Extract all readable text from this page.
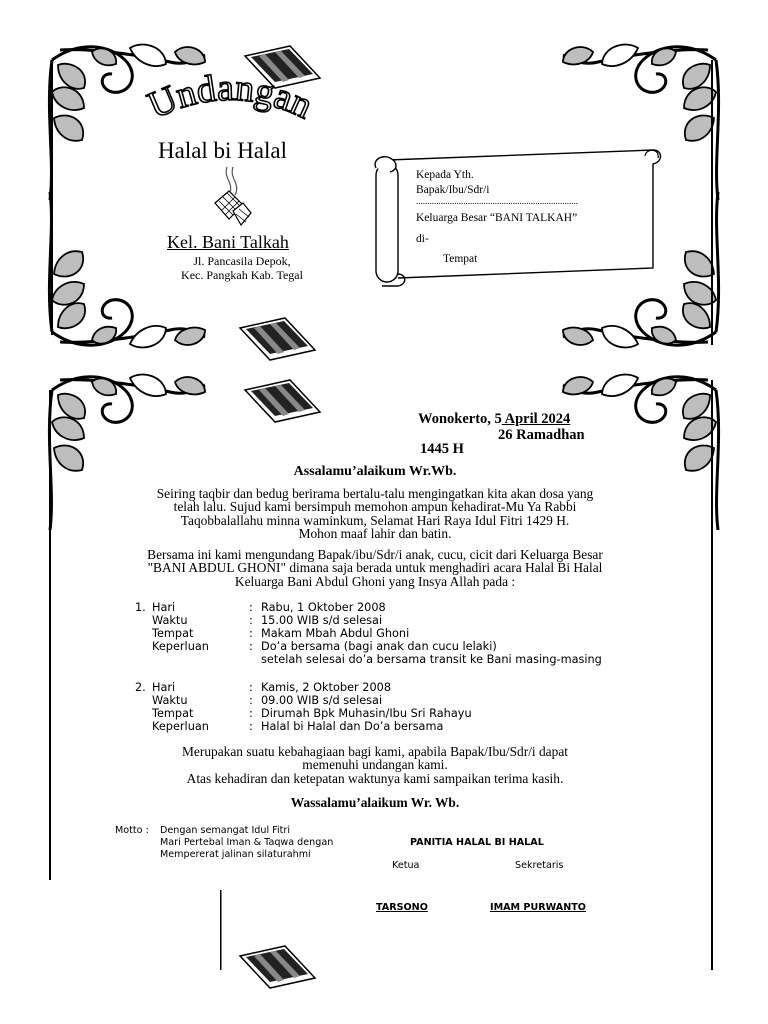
Undangan
Halal bi Halal
Kel. Bani Talkah
Jl. Pancasila Depok,
Kec. Pangkah Kab. Tegal
Kepada Yth.
Bapak/Ibu/Sdr/i
........................................................................
Keluarga Besar “BANI TALKAH”
di-
Tempat
Wonokerto, 5 April 2024
26 Ramadhan
1445 H
Assalamu’alaikum Wr.Wb.
Seiring taqbir dan bedug berirama bertalu-talu mengingatkan kita akan dosa yang
telah lalu. Sujud kami bersimpuh memohon ampun kehadirat-Mu Ya Rabbi
Taqobbalallahu minna waminkum, Selamat Hari Raya Idul Fitri 1429 H.
Mohon maaf lahir dan batin.
Bersama ini kami mengundang Bapak/ibu/Sdr/i anak, cucu, cicit dari Keluarga Besar
"BANI ABDUL GHONI" dimana saja berada untuk menghadiri acara Halal Bi Halal
Keluarga Bani Abdul Ghoni yang Insya Allah pada :
1. Hari
Waktu
Tempat
Keperluan
:
:
:
:
Rabu, 1 Oktober 2008
15.00 WIB s/d selesai
Makam Mbah Abdul Ghoni
Do’a bersama (bagi anak dan cucu lelaki)
setelah selesai do’a bersama transit ke Bani masing-masing
2. Hari
Waktu
Tempat
Keperluan
:
:
:
:
Kamis, 2 Oktober 2008
09.00 WIB s/d selesai
Dirumah Bpk Muhasin/Ibu Sri Rahayu
Halal bi Halal dan Do’a bersama
Merupakan suatu kebahagiaan bagi kami, apabila Bapak/Ibu/Sdr/i dapat
memenuhi undangan kami.
Atas kehadiran dan ketepatan waktunya kami sampaikan terima kasih.
Wassalamu’alaikum Wr. Wb.
Motto : Dengan semangat Idul Fitri
Mari Pertebal Iman & Taqwa dengan
Mempererat jalinan silaturahmi
PANITIA HALAL BI HALAL
Ketua	Sekretaris
TARSONO	IMAM PURWANTO
